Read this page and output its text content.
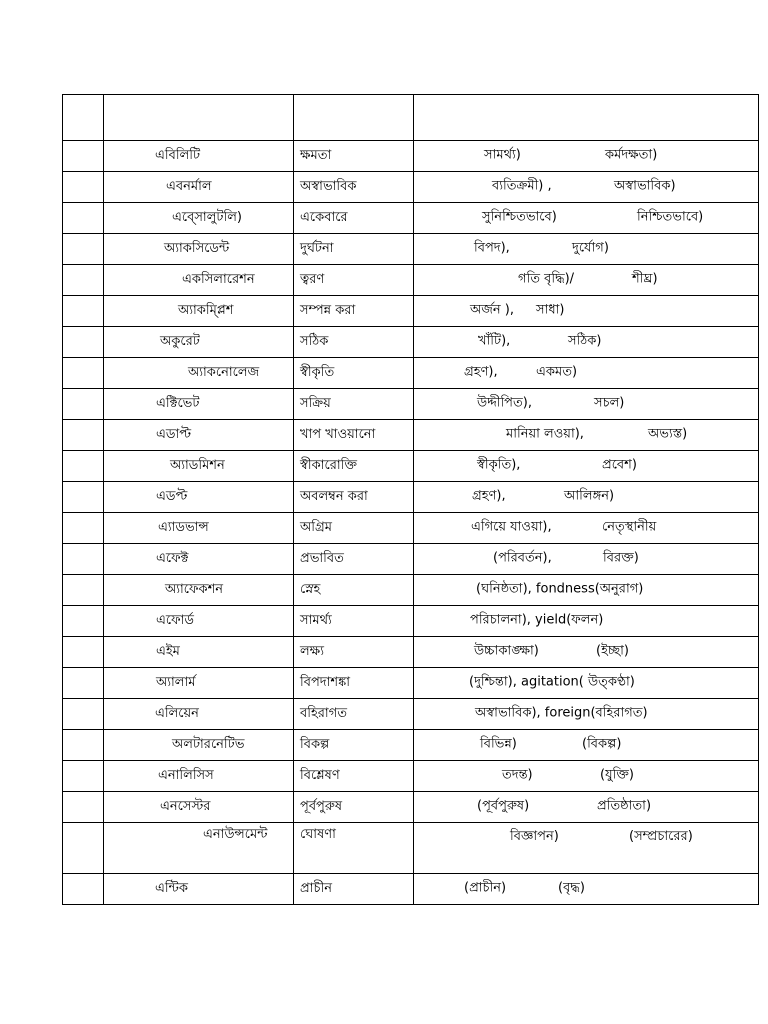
	এবিলিটি	ক্ষমতা	সামর্থ্য) কর্মদক্ষতা)

	এবনর্মাল	অস্বাভাবিক	ব্যতিক্রমী) , অস্বাভাবিক)

	এব্সোলুটলি)	একেবারে	সুনিশ্চিতভাবে) নিশ্চিতভাবে)

	অ্যাকসিডেন্ট	দুর্ঘটনা	বিপদ), দুর্যোগ)

	একসিলারেশন	ত্বরণ	গতি বৃদ্ধি)/ শীঘ্র)

	অ্যাকম্প্লিশ	সম্পন্ন করা	অর্জন ), সাধা)

	অকুরেট	সঠিক	খাঁটি), সঠিক)

	অ্যাকনোলেজ	স্বীকৃতি	গ্রহণ), একমত)

	এক্টিভেট	সক্রিয়	উদ্দীপিত), সচল)

	এডাপ্ট	খাপ খাওয়ানো	মানিয়া লওয়া), অভ্যস্ত)

	অ্যাডমিশন	স্বীকারোক্তি	স্বীকৃতি), প্রবেশ)

	এডপ্ট	অবলম্বন করা	গ্রহণ), আলিঙ্গন)

	এ্যাডভান্স	অগ্রিম	এগিয়ে যাওয়া), নেতৃস্থানীয়

	এফেক্ট	প্রভাবিত	(পরিবর্তন), বিরক্ত)

	অ্যাফেকশন	স্নেহ	(ঘনিষ্ঠতা), fondness(অনুরাগ)

	এফোর্ড	সামর্থ্য	পরিচালনা), yield(ফলন)

	এইম	লক্ষ্য	উচ্চাকাঙ্ক্ষা) (ইচ্ছা)

	অ্যালার্ম	বিপদাশঙ্কা	(দুশ্চিন্তা), agitation( উত্কণ্ঠা)

	এলিয়েন	বহিরাগত	অস্বাভাবিক), foreign(বহিরাগত)

	অলটারনেটিভ	বিকল্প	বিভিন্ন) (বিকল্প)

	এনালিসিস	বিশ্লেষণ	তদন্ত) (যুক্তি)

	এনসেস্টর	পূর্বপুরুষ	(পূর্বপুরুষ) প্রতিষ্ঠাতা)

	এনাউন্সমেন্ট	ঘোষণা	বিজ্ঞাপন) (সম্প্রচারের)

	এন্টিক	প্রাচীন	(প্রাচীন) (বৃদ্ধ)
